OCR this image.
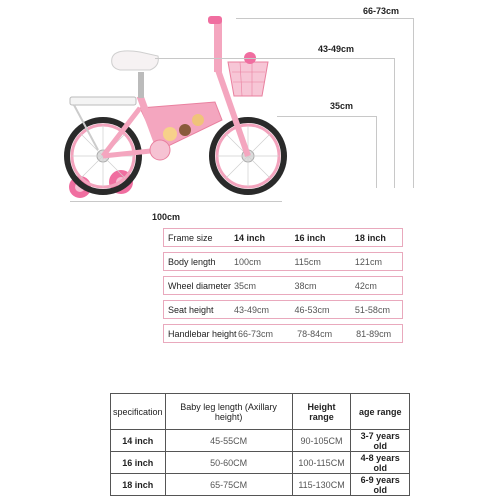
66-73cm
43-49cm
35cm
100cm
Frame size	14 inch	16 inch	18 inch
Body length	100cm	115cm	121cm
Wheel diameter 35cm	38cm	42cm
Seat height	43-49cm	46-53cm	51-58cm
Handlebar height 66-73cm	78-84cm	81-89cm
specification	Baby leg length (Axillary height)	Height range	age range
14 inch	45-55CM	90-105CM	3-7 years old
16 inch	50-60CM	100-115CM	4-8 years old
18 inch	65-75CM	115-130CM	6-9 years old
